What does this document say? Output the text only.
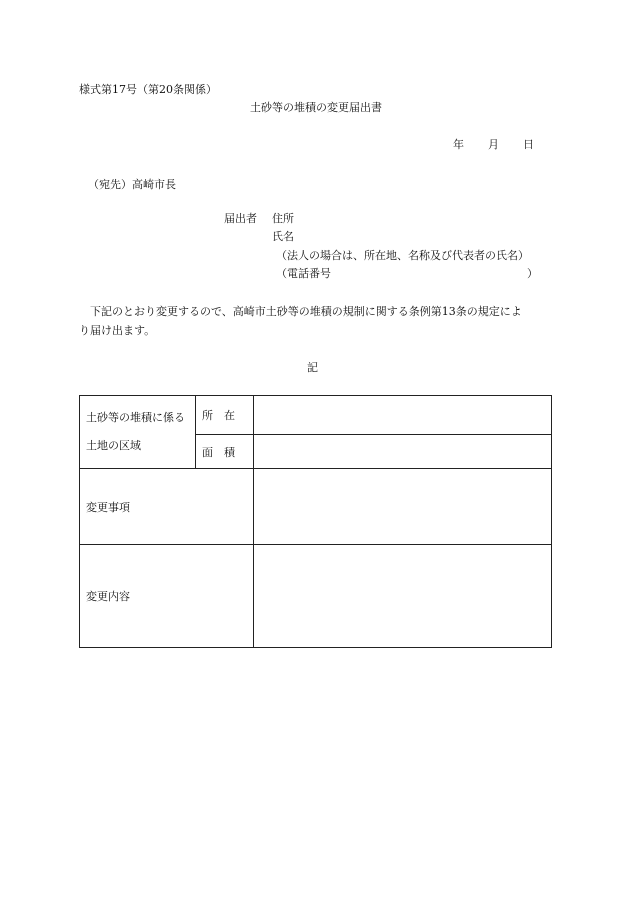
様式第17号（第20条関係）
土砂等の堆積の変更届出書
年 月 日
（宛先）高崎市長
届出者 住所
氏名
（法人の場合は、所在地、名称及び代表者の氏名）
（電話番号	）
下記のとおり変更するので、高崎市土砂等の堆積の規制に関する条例第13条の規定によ
り届け出ます。
記
土砂等の堆積に係る
土地の区域	所　在	
	面　積	
変更事項		
変更内容		
